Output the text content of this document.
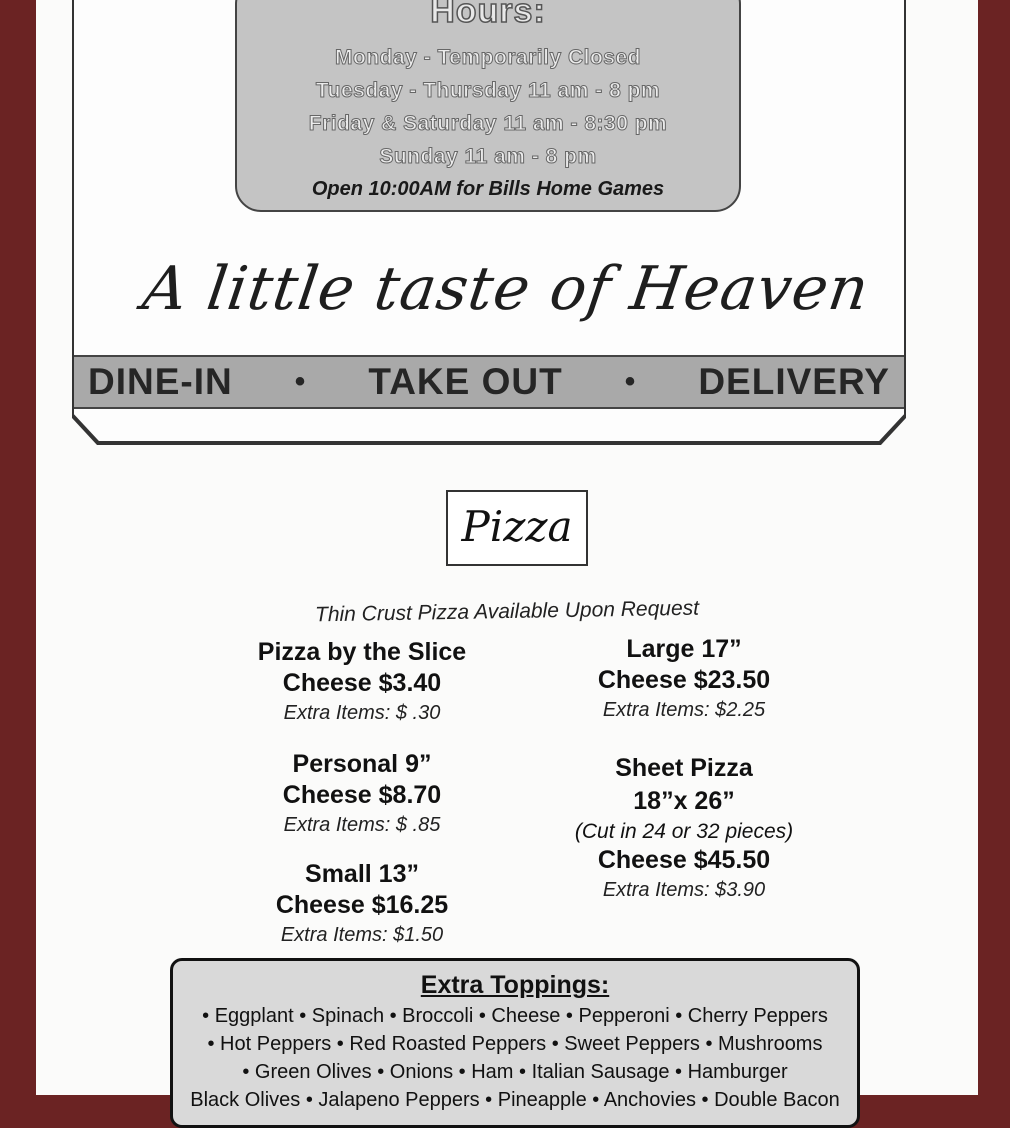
Hours:
Monday - Temporarily Closed
Tuesday - Thursday 11 am - 8 pm
Friday & Saturday 11 am - 8:30 pm
Sunday 11 am - 8 pm
Open 10:00AM for Bills Home Games
A little taste of Heaven
DINE-IN • TAKE OUT • DELIVERY
Pizza
Thin Crust Pizza Available Upon Request
Pizza by the Slice
Cheese $3.40
Extra Items: $ .30
Personal 9”
Cheese $8.70
Extra Items: $ .85
Small 13”
Cheese $16.25
Extra Items: $1.50
Large 17”
Cheese $23.50
Extra Items: $2.25
Sheet Pizza
18”x 26”
(Cut in 24 or 32 pieces)
Cheese $45.50
Extra Items: $3.90
Extra Toppings:
• Eggplant • Spinach • Broccoli • Cheese • Pepperoni • Cherry Peppers
• Hot Peppers • Red Roasted Peppers • Sweet Peppers • Mushrooms
• Green Olives • Onions • Ham • Italian Sausage • Hamburger
Black Olives • Jalapeno Peppers • Pineapple • Anchovies • Double Bacon
